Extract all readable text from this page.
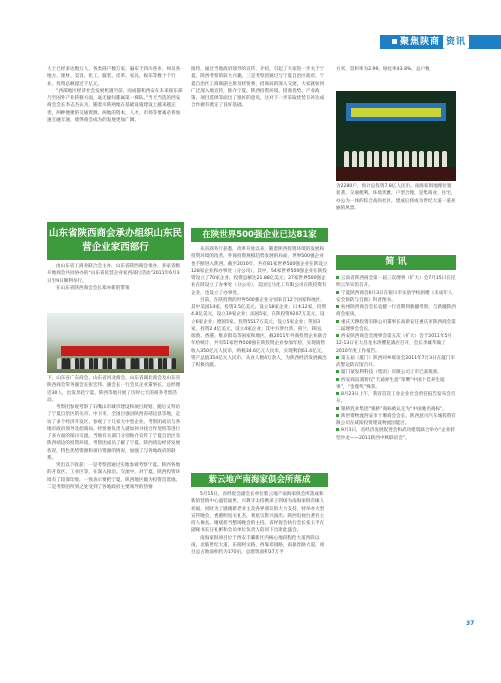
聚焦陕商 资讯

人士已经多达数万人，各类商户数万家，遍布于四川各市、州及各地方，建材、美容、化工、服装、皮革、家具、娱乐等数十个行业，投资总额超过千亿元。

“西部地区经济社会发展机遇空前，而成都和西安在未来接东部乃至国外产业转移方面，毫无疑问都属第一梯队。”当天当选的西安商会会长李志杰认为，随着川陕两地在基础设施建设上越来越完善，两种便捷的交通资源，两地的资本，人才，市场等要素必将加速互融互通，使得商会成为的发展更加广阔。

山东省陕西商会承办组织山东民营企业家西部行

由山东省工商业联合会主办，山东省陕西商会承办，多家省级开地商会共同协办的“山东省民营企业家西部行活动”2011年6月3日至9日顺利举行。

在山东省陕西商会会长郑亦新的带领

下，山东省广东商会、山东省河北商会、山东省湖北商会及山东省陕西商会常务副会长张宏伟、副会长一行会员企业董事长、总经理近30人，出发奔赴宁夏、陕西等地开展了历时七天的商务考察活动。

考察团参观考察了石嘴山市城市建设和项目规划，随后又拜访了宁夏自治区的关市、中卫市、全国百强县陕西省靖边县等地，走访了多个经济开发区，参观了十几家大中型企业。考察团成员与各地市政府领导及招商局、经贸委负责人就如何寻找合作契机等进行了多方面的探讨交流。当地有关部门分别推介宣传了宁夏自治区及陕西靖边的投资环境，考察团成员了解了宁夏、陕西靖边经济发展状况，特色优势资源和项目资源的情况，加强了与各地政府的联系。

突出以下收获：一是考察团通过实地参观考察宁夏、陕西各地的开发区、工业区等，在深入接洽、交流中，对宁夏、陕西投资环境有了较深印象，一致表示要把宁夏、陕西地区做为投资首选地。二是考察团所到之处受到了各地政府主要领导的热情

接待，通过当地政府领导的宣传，介绍，引起了大家进一步关于宁夏，陕西考察的较大兴趣。三是考察团通过与宁夏自治区政府、宁夏自治区工商联副主席及经贸委、招商局的深入交流，大家就如何广泛深入地宣传，推介宁夏、陕西投资环境、招商优势、产业政策，项目选择等面出了很好的意见，这对下一步采取优势互补达成合作做有奠定了良好基础。

在陕世界500强企业已达81家

从省商务厅获悉，改革开放以来，随着陕西投资环境的发展和投资环境的改善，外商投资规模趋势发展的局面，世界500强企业也不断进入陕西。截至2010年，共有81家世界500强企业在陕设立128家企业和办事处（分公司），其中，54家世界500强企业在陕投资设立了70家企业，投资总额达21.88亿美元；27家世界500强企业在陕设立了办事处（分公司），美国宝马化工有限公司在陕投资有企业，也设立了办事处。

目前，在陕投资的世界500强企业分别来自12个国家和地区，其中美国14家，投资3.5亿美元，设立18家企业；日本12家，投资4.8亿美元，设立19家企业；法国5家，在陕投资9207万美元，设立6家企业；德国5家，投资5517万美元，设立5家企业；英国3家，投资2.4亿美元，设立4家企业；其中方涉台湾、荷兰、韩国、瑞典、香港、维京群岛等国家和地区。截2011年外商投资企业联合年检统计，共有51家世界500强在陕投资企业参加年检，实现销售收入350亿元人民币，纳税34.6亿元人民币，实现利润61.4亿元，资产总值354亿元人民币，从业人数4万余人，为陕西经济发展做出了积极贡献。

紫云地产南海家俱会所落成

5月15日，省经促会副会长单位紫云地产南海家俱会所落成和新的营销中心盛装面世，兴教寺太持携弟子到场为南海家俱有缘人祈福，同时为了感谢新老业主及各界朋友的大力支持，特举办大型宣传晚会，香港明星关礼杰、著星宗影兴演出；陕西电视台著名主持人俊丞、谢斌担当整场晚会的主持。省经促会执行会长张玉平在副秘书长汪礼彬和会员单位负责人陪同下出席此盛会。

南海家俱项目位于西安丰灞新区内核心地段程伦大道西段以南，北临世纪大道，东接阿文路，西靠邓园路，南靠丝路大道，项目总占地面积约为170亩，总建筑面积37万平

方米，容积率为2.99，绿化率43.8%，总户数

为2280户，预计总投资7.8亿人民币。南海家俱地理位置显著，交通便利，环境优雅，户型合理，是集商业、住宅、办公为一体的综合高尚社区，建成后将成为世纪大道一道亮丽的风景。

简 讯

云南省陕西商会第一届三次理事（扩大）会7月15日在昆明云华宾馆召开。

宁夏陕西商会6月3日在银川市实验学校捐赠《未成年人安全预防与自救》科普图书。

杭州陕西商会会长袁健一行近期到新疆考察，与新疆陕西商会座谈。

重庆天穆投资有限公司董事长高新安任重庆市陕西商会第二届理事会会长。

西安陕西商会会理事会第五次（扩大）会于2011年5月12-13日在大昌龙水湾樱花酒店召开，会长李雄华做了2010年度工作报告。

第五届（厦门）陕西同乡联谊会2011年7月3日在厦门市武警边防宾馆召开。

厦门蒙发利科技（集团）有限公司上市已获批准。

西安商甾浦智仅“天诵界生意”荣膺“中国十佳养生诞事”，“金鼎奖”殊荣。

8月23日上午，我省首次工业企业社会责任报告发布会召开。

银桥乳业集团“银桥”商标被认定为“中国驰名商标”。

陕世资物流西安市十堰商会会长，陕西意兴汽车城投资有限公司在咸阳投资建设物流园能区。

9月3日，省经济发展促进会和武功建筑联合举办“企业转型沙龙——2011陕西中秋联谊会”。

37
